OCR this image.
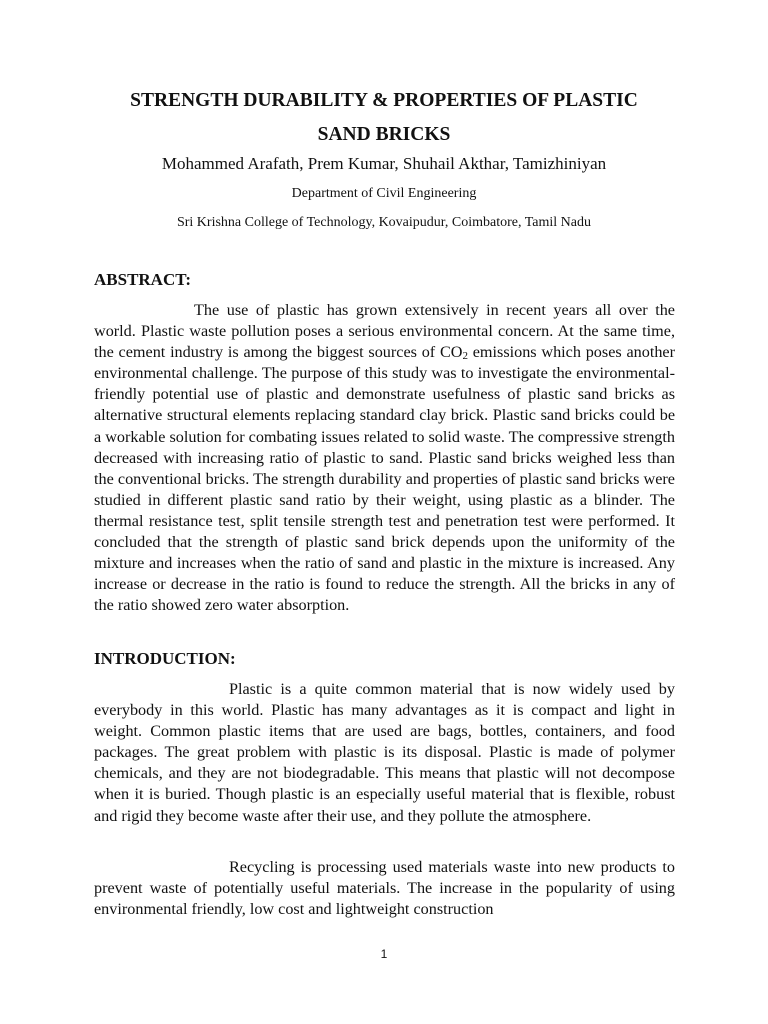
STRENGTH DURABILITY & PROPERTIES OF PLASTIC
SAND BRICKS

Mohammed Arafath, Prem Kumar, Shuhail Akthar, Tamizhiniyan

Department of Civil Engineering

Sri Krishna College of Technology, Kovaipudur, Coimbatore, Tamil Nadu

ABSTRACT:

The use of plastic has grown extensively in recent years all over the world. Plastic waste pollution poses a serious environmental concern. At the same time, the cement industry is among the biggest sources of $CO_2$ emissions which poses another environmental challenge. The purpose of this study was to investigate the environmental-friendly potential use of plastic and demonstrate usefulness of plastic sand bricks as alternative structural elements replacing standard clay brick. Plastic sand bricks could be a workable solution for combating issues related to solid waste. The compressive strength decreased with increasing ratio of plastic to sand. Plastic sand bricks weighed less than the conventional bricks. The strength durability and properties of plastic sand bricks were studied in different plastic sand ratio by their weight, using plastic as a blinder. The thermal resistance test, split tensile strength test and penetration test were performed. It concluded that the strength of plastic sand brick depends upon the uniformity of the mixture and increases when the ratio of sand and plastic in the mixture is increased. Any increase or decrease in the ratio is found to reduce the strength. All the bricks in any of the ratio showed zero water absorption.

INTRODUCTION:

Plastic is a quite common material that is now widely used by everybody in this world. Plastic has many advantages as it is compact and light in weight. Common plastic items that are used are bags, bottles, containers, and food packages. The great problem with plastic is its disposal. Plastic is made of polymer chemicals, and they are not biodegradable. This means that plastic will not decompose when it is buried. Though plastic is an especially useful material that is flexible, robust and rigid they become waste after their use, and they pollute the atmosphere.

Recycling is processing used materials waste into new products to prevent waste of potentially useful materials. The increase in the popularity of using environmental friendly, low cost and lightweight construction

1
